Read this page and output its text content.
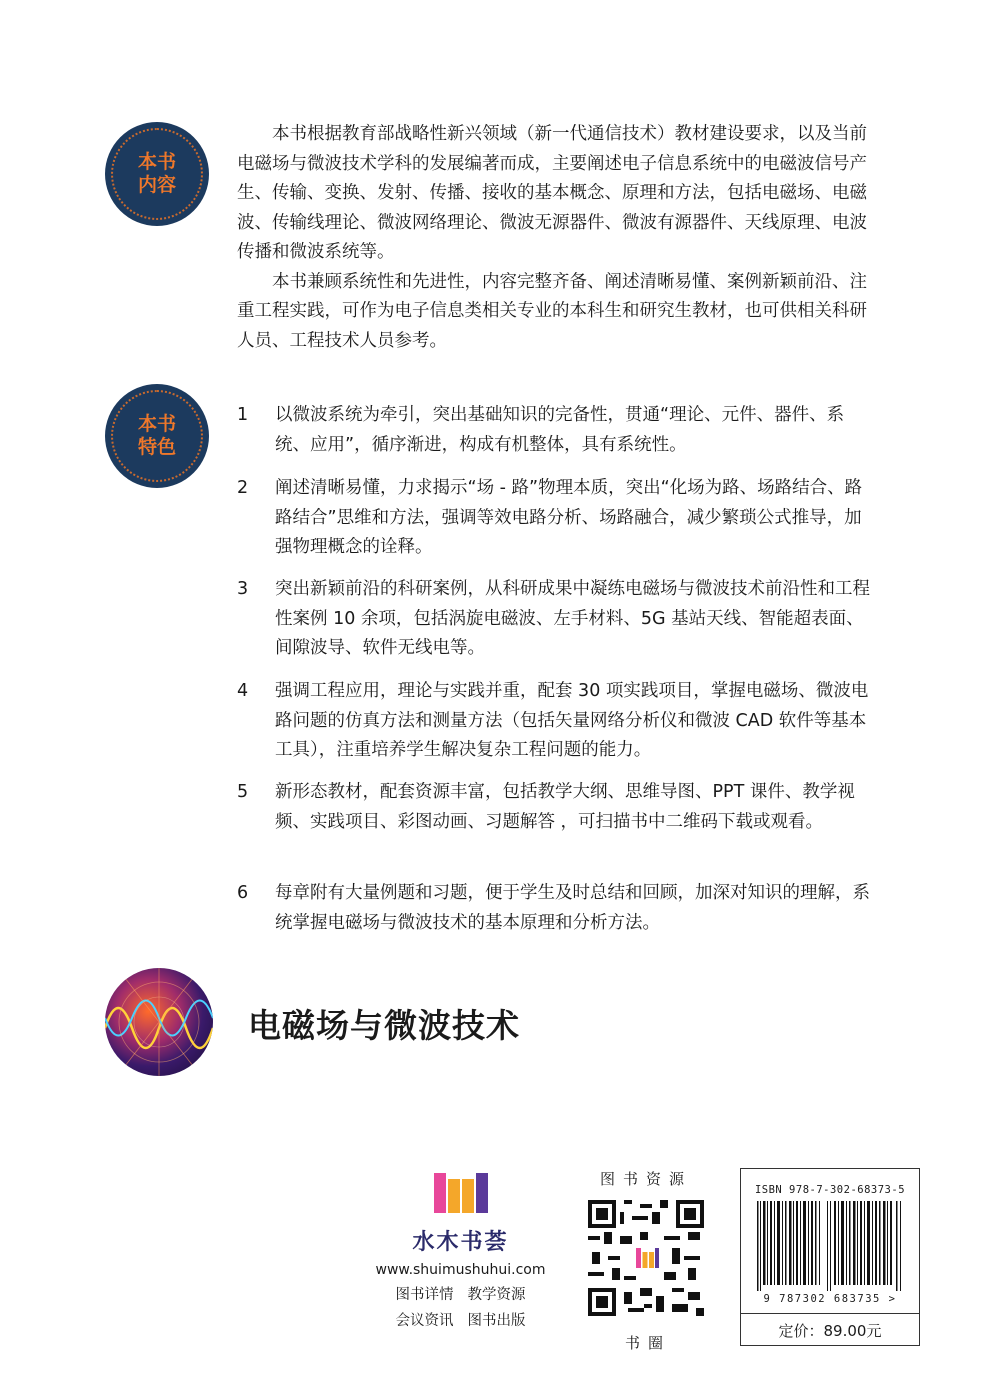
本书
内容

本书根据教育部战略性新兴领域（新一代通信技术）教材建设要求，以及当前电磁场与微波技术学科的发展编著而成，主要阐述电子信息系统中的电磁波信号产生、传输、变换、发射、传播、接收的基本概念、原理和方法，包括电磁场、电磁波、传输线理论、微波网络理论、微波无源器件、微波有源器件、天线原理、电波传播和微波系统等。

本书兼顾系统性和先进性，内容完整齐备、阐述清晰易懂、案例新颖前沿、注重工程实践，可作为电子信息类相关专业的本科生和研究生教材，也可供相关科研人员、工程技术人员参考。

本书
特色
1 以微波系统为牵引，突出基础知识的完备性，贯通“理论、元件、器件、系统、应用”，循序渐进，构成有机整体，具有系统性。
2 阐述清晰易懂，力求揭示“场 - 路”物理本质，突出“化场为路、场路结合、路路结合”思维和方法，强调等效电路分析、场路融合，减少繁琐公式推导，加强物理概念的诠释。
3 突出新颖前沿的科研案例，从科研成果中凝练电磁场与微波技术前沿性和工程性案例 10 余项，包括涡旋电磁波、左手材料、5G 基站天线、智能超表面、间隙波导、软件无线电等。
4 强调工程应用，理论与实践并重，配套 30 项实践项目，掌握电磁场、微波电路问题的仿真方法和测量方法（包括矢量网络分析仪和微波 CAD 软件等基本工具），注重培养学生解决复杂工程问题的能力。
5 新形态教材，配套资源丰富，包括教学大纲、思维导图、PPT 课件、教学视频、实践项目、彩图动画、习题解答 ，可扫描书中二维码下载或观看。
6 每章附有大量例题和习题，便于学生及时总结和回顾，加深对知识的理解，系统掌握电磁场与微波技术的基本原理和分析方法。
电磁场与微波技术
水木书荟
www.shuimushuhui.com
图书详情 教学资源
会议资讯 图书出版
图书资源
书圈
ISBN 978-7-302-68373-5
9 787302 683735 >
定价：89.00元
